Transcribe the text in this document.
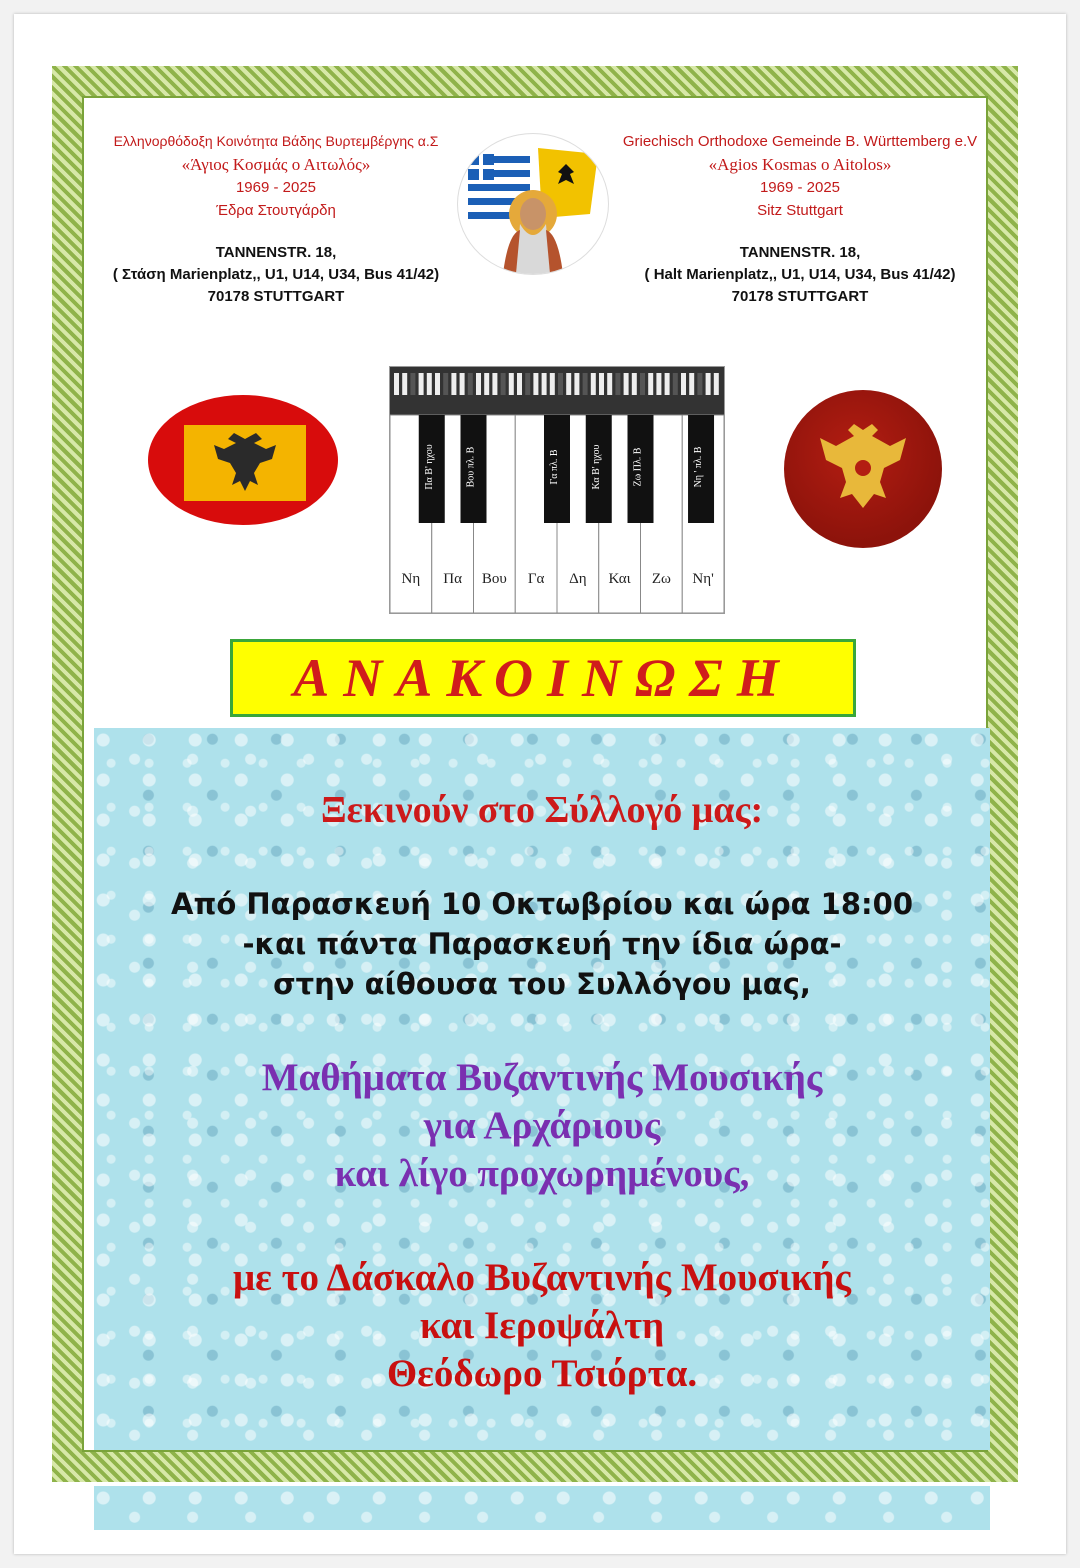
Ελληνορθόδοξη Κοινότητα Βάδης Βυρτεμβέργης α.Σ
«Άγιος Κοσμάς ο Αιτωλός»
1969 - 2025
Έδρα Στουτγάρδη
TANNENSTR. 18,
( Στάση Marienplatz,, U1, U14, U34, Bus 41/42)
70178 STUTTGART
Griechisch Orthodoxe Gemeinde B. Württemberg e.V
«Agios Kosmas o Aitolos»
1969 - 2025
Sitz Stuttgart
TANNENSTR. 18,
( Halt Marienplatz,, U1, U14, U34, Bus 41/42)
70178 STUTTGART
Νη Πα Βου Γα Δη Και Ζω Νη'
Πα Β' ηχου	Βου πλ. Β	Γα πλ. Β	Κα Β' ηχου	Ζω Πλ. Β	Νη ' πλ. Β
ΑΝΑΚΟΙΝΩΣΗ
Ξεκινούν στο Σύλλογό μας:
Από Παρασκευή 10 Οκτωβρίου και ώρα 18:00
-και πάντα Παρασκευή την ίδια ώρα-
στην αίθουσα του Συλλόγου μας,
Μαθήματα Βυζαντινής Μουσικής
για Αρχάριους
και λίγο προχωρημένους,
με το Δάσκαλο Βυζαντινής Μουσικής
και Ιεροψάλτη
Θεόδωρο Τσιόρτα.
